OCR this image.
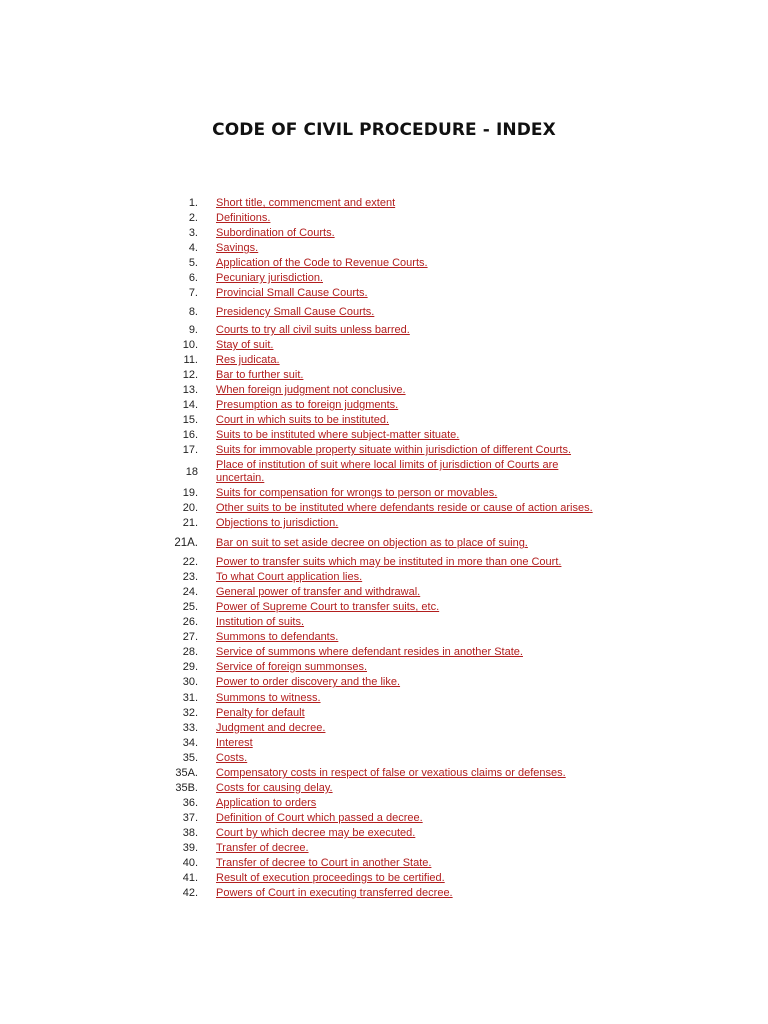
CODE OF CIVIL PROCEDURE - INDEX
1. Short title, commencment and extent
2. Definitions.
3. Subordination of Courts.
4. Savings.
5. Application of the Code to Revenue Courts.
6. Pecuniary jurisdiction.
7. Provincial Small Cause Courts.
8. Presidency Small Cause Courts.
9. Courts to try all civil suits unless barred.
10. Stay of suit.
11. Res judicata.
12. Bar to further suit.
13. When foreign judgment not conclusive.
14. Presumption as to foreign judgments.
15. Court in which suits to be instituted.
16. Suits to be instituted where subject-matter situate.
17. Suits for immovable property situate within jurisdiction of different Courts.
18
Place of institution of suit where local limits of jurisdiction of Courts are uncertain.
19. Suits for compensation for wrongs to person or movables.
20. Other suits to be instituted where defendants reside or cause of action arises.
21. Objections to jurisdiction.
21A. Bar on suit to set aside decree on objection as to place of suing.
22. Power to transfer suits which may be instituted in more than one Court.
23. To what Court application lies.
24. General power of transfer and withdrawal.
25. Power of Supreme Court to transfer suits, etc.
26. Institution of suits.
27. Summons to defendants.
28. Service of summons where defendant resides in another State.
29. Service of foreign summonses.
30. Power to order discovery and the like.
31. Summons to witness.
32. Penalty for default
33. Judgment and decree.
34. Interest
35. Costs.
35A. Compensatory costs in respect of false or vexatious claims or defenses.
35B. Costs for causing delay.
36. Application to orders
37. Definition of Court which passed a decree.
38. Court by which decree may be executed.
39. Transfer of decree.
40. Transfer of decree to Court in another State.
41. Result of execution proceedings to be certified.
42. Powers of Court in executing transferred decree.
